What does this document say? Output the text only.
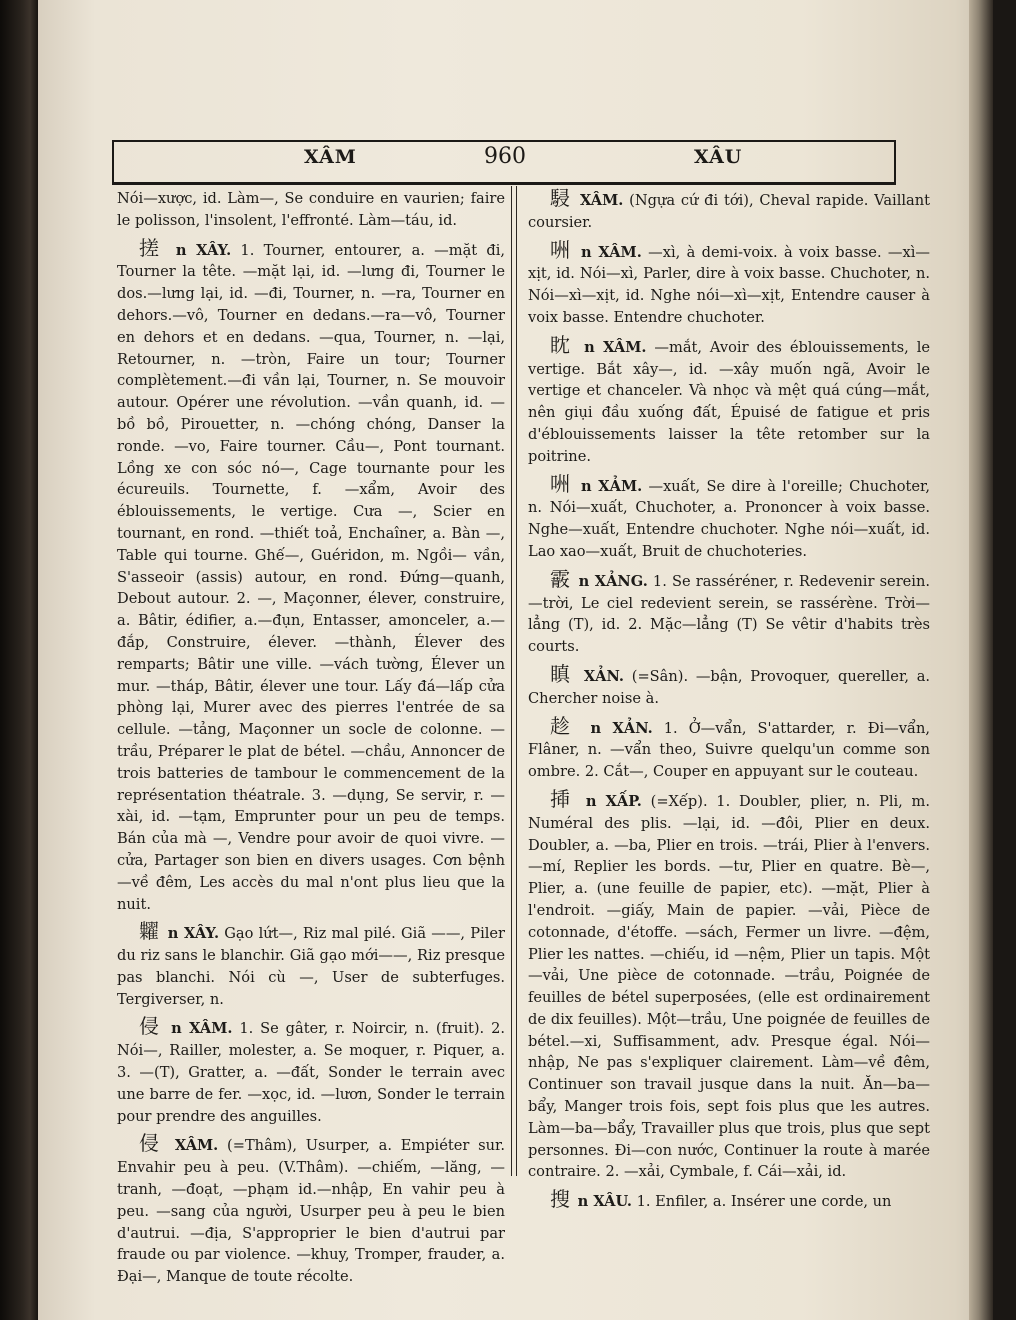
XÂM	960	XÂU

Nói—xược, id. Làm—, Se conduire en vaurien; faire le polisson, l'insolent, l'effronté. Làm—táu, id.

搓 n XÂY. 1. Tourner, entourer, a. —mặt đi, Tourner la tête. —mặt lại, id. —lưng đi, Tourner le dos.—lưng lại, id. —đi, Tourner, n. —ra, Tourner en dehors.—vô, Tourner en dedans.—ra—vô, Tourner en dehors et en dedans. —qua, Tourner, n. —lại, Retourner, n. —tròn, Faire un tour; Tourner complètement.—đi vần lại, Tourner, n. Se mouvoir autour. Opérer une révolution. —vần quanh, id. —bồ bồ, Pirouetter, n. —chóng chóng, Danser la ronde. —vo, Faire tourner. Cầu—, Pont tournant. Lồng xe con sóc nó—, Cage tournante pour les écureuils. Tournette, f. —xẩm, Avoir des éblouissements, le vertige. Cưa —, Scier en tournant, en rond. —thiết toả, Enchaîner, a. Bàn —, Table qui tourne. Ghế—, Guéridon, m. Ngồi— vần, S'asseoir (assis) autour, en rond. Đứng—quanh, Debout autour. 2. —, Maçonner, élever, construire, a. Bâtir, édifier, a.—đụn, Entasser, amonceler, a.—đắp, Construire, élever. —thành, Élever des remparts; Bâtir une ville. —vách tường, Élever un mur. —tháp, Bâtir, élever une tour. Lấy đá—lấp cửa phòng lại, Murer avec des pierres l'entrée de sa cellule. —tảng, Maçonner un socle de colonne. —trầu, Préparer le plat de bétel. —chầu, Annoncer de trois batteries de tambour le commencement de la représentation théatrale. 3. —dụng, Se servir, r. —xài, id. —tạm, Emprunter pour un peu de temps. Bán của mà —, Vendre pour avoir de quoi vivre. —cửa, Partager son bien en divers usages. Cơn bệnh—về đêm, Les accès du mal n'ont plus lieu que la nuit.

糶 n XÂY. Gạo lứt—, Riz mal pilé. Giã ——, Piler du riz sans le blanchir. Giã gạo mới——, Riz presque pas blanchi. Nói cù —, User de subterfuges. Tergiverser, n.

侵 n XÂM. 1. Se gâter, r. Noircir, n. (fruit). 2. Nói—, Railler, molester, a. Se moquer, r. Piquer, a. 3. —(T), Gratter, a. —đất, Sonder le terrain avec une barre de fer. —xọc, id. —lươn, Sonder le terrain pour prendre des anguilles.

侵 XÂM. (=Thâm), Usurper, a. Empiéter sur. Envahir peu à peu. (V.Thâm). —chiếm, —lăng, —tranh, —đoạt, —phạm id.—nhập, En vahir peu à peu. —sang của người, Usurper peu à peu le bien d'autrui. —địa, S'approprier le bien d'autrui par fraude ou par violence. —khuy, Tromper, frauder, a. Đại—, Manque de toute récolte.

駸 XÂM. (Ngựa cứ đi tới), Cheval rapide. Vaillant coursier.

㖄 n XÂM. —xì, à demi-voix. à voix basse. —xì—xịt, id. Nói—xì, Parler, dire à voix basse. Chuchoter, n. Nói—xì—xịt, id. Nghe nói—xì—xịt, Entendre causer à voix basse. Entendre chuchoter.

眈 n XÂM. —mắt, Avoir des éblouissements, le vertige. Bắt xây—, id. —xây muốn ngã, Avoir le vertige et chanceler. Và nhọc và mệt quá cúng—mắt, nên giụi đầu xuống đất, Épuisé de fatigue et pris d'éblouissements laisser la tête retomber sur la poitrine.

㖄 n XẢM. —xuất, Se dire à l'oreille; Chuchoter, n. Nói—xuất, Chuchoter, a. Prononcer à voix basse. Nghe—xuất, Entendre chuchoter. Nghe nói—xuất, id. Lao xao—xuất, Bruit de chuchoteries.

霰 n XẢNG. 1. Se rasséréner, r. Redevenir serein. —trời, Le ciel redevient serein, se rassérène. Trời—lẳng (T), id. 2. Mặc—lẳng (T) Se vêtir d'habits très courts.

瞋 XẢN. (=Sân). —bận, Provoquer, quereller, a. Chercher noise à.

趁 n XẢN. 1. Ở—vẩn, S'attarder, r. Đi—vẩn, Flâner, n. —vẩn theo, Suivre quelqu'un comme son ombre. 2. Cắt—, Couper en appuyant sur le couteau.

揷 n XẤP. (=Xếp). 1. Doubler, plier, n. Pli, m. Numéral des plis. —lại, id. —đôi, Plier en deux. Doubler, a. —ba, Plier en trois. —trái, Plier à l'envers. —mí, Replier les bords. —tư, Plier en quatre. Bè—, Plier, a. (une feuille de papier, etc). —mặt, Plier à l'endroit. —giấy, Main de papier. —vải, Pièce de cotonnade, d'étoffe. —sách, Fermer un livre. —đệm, Plier les nattes. —chiếu, id —nệm, Plier un tapis. Một—vải, Une pièce de cotonnade. —trầu, Poignée de feuilles de bétel superposées, (elle est ordinairement de dix feuilles). Một—trầu, Une poignée de feuilles de bétel.—xi, Suffisamment, adv. Presque égal. Nói—nhập, Ne pas s'expliquer clairement. Làm—về đêm, Continuer son travail jusque dans la nuit. Ăn—ba—bẩy, Manger trois fois, sept fois plus que les autres. Làm—ba—bẩy, Travailler plus que trois, plus que sept personnes. Đi—con nước, Continuer la route à marée contraire. 2. —xải, Cymbale, f. Cái—xải, id.

搜 n XÂU. 1. Enfiler, a. Insérer une corde, un
